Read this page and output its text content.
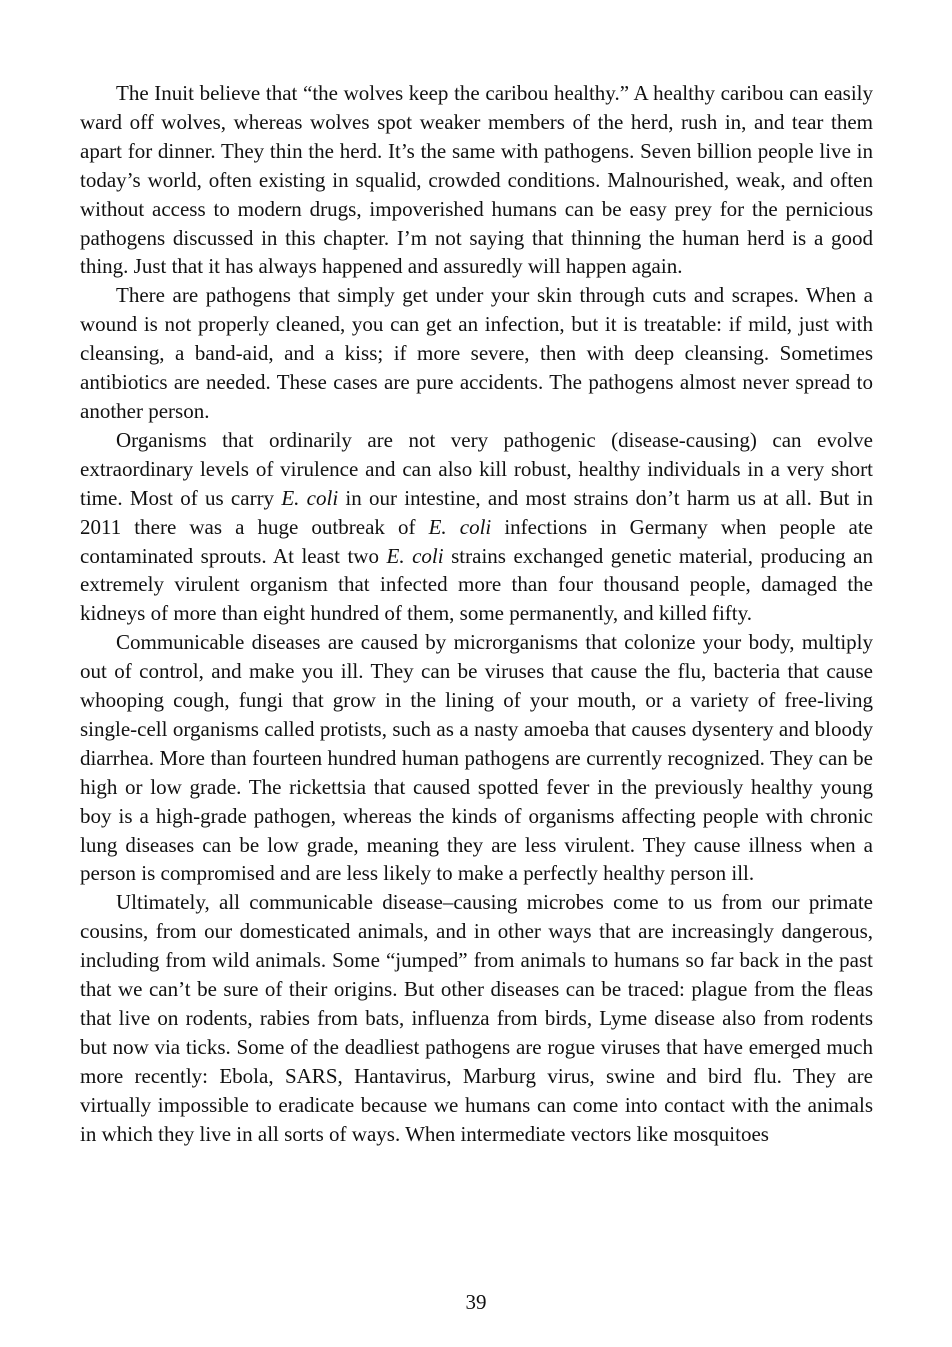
The Inuit believe that “the wolves keep the caribou healthy.” A healthy caribou can easily ward off wolves, whereas wolves spot weaker members of the herd, rush in, and tear them apart for dinner. They thin the herd. It’s the same with pathogens. Seven billion people live in today’s world, often existing in squalid, crowded conditions. Malnourished, weak, and often without access to modern drugs, impoverished humans can be easy prey for the pernicious pathogens discussed in this chapter. I’m not saying that thinning the human herd is a good thing. Just that it has always happened and assuredly will happen again.

There are pathogens that simply get under your skin through cuts and scrapes. When a wound is not properly cleaned, you can get an infection, but it is treatable: if mild, just with cleansing, a band-aid, and a kiss; if more severe, then with deep cleansing. Sometimes antibiotics are needed. These cases are pure accidents. The pathogens almost never spread to another person.

Organisms that ordinarily are not very pathogenic (disease-causing) can evolve extraordinary levels of virulence and can also kill robust, healthy individuals in a very short time. Most of us carry E. coli in our intestine, and most strains don’t harm us at all. But in 2011 there was a huge outbreak of E. coli infections in Germany when people ate contaminated sprouts. At least two E. coli strains exchanged genetic material, producing an extremely virulent organism that infected more than four thousand people, damaged the kidneys of more than eight hundred of them, some permanently, and killed fifty.

Communicable diseases are caused by microrganisms that colonize your body, multiply out of control, and make you ill. They can be viruses that cause the flu, bacteria that cause whooping cough, fungi that grow in the lining of your mouth, or a variety of free-living single-cell organisms called protists, such as a nasty amoeba that causes dysentery and bloody diarrhea. More than fourteen hundred human pathogens are currently recognized. They can be high or low grade. The rickettsia that caused spotted fever in the previously healthy young boy is a high-grade pathogen, whereas the kinds of organisms affecting people with chronic lung diseases can be low grade, meaning they are less virulent. They cause illness when a person is compromised and are less likely to make a perfectly healthy person ill.

Ultimately, all communicable disease–causing microbes come to us from our primate cousins, from our domesticated animals, and in other ways that are increasingly dangerous, including from wild animals. Some “jumped” from animals to humans so far back in the past that we can’t be sure of their origins. But other diseases can be traced: plague from the fleas that live on rodents, rabies from bats, influenza from birds, Lyme disease also from rodents but now via ticks. Some of the deadliest pathogens are rogue viruses that have emerged much more recently: Ebola, SARS, Hantavirus, Marburg virus, swine and bird flu. They are virtually impossible to eradicate because we humans can come into contact with the animals in which they live in all sorts of ways. When intermediate vectors like mosquitoes

39
